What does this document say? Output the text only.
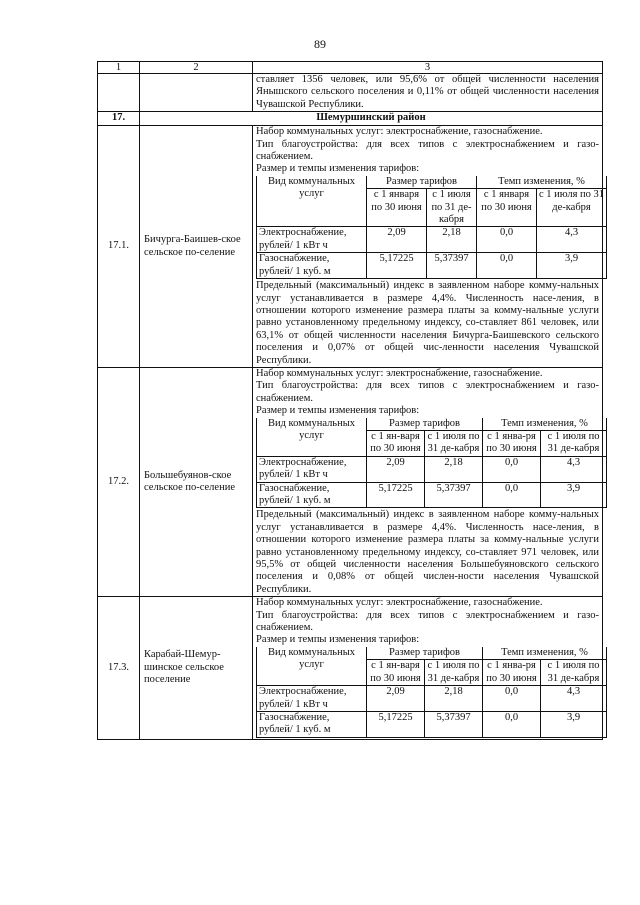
89
1	2	3
		ставляет 1356 человек, или 95,6% от общей численности населения Янышского сельского поселения и 0,11% от общей численности населения Чувашской Республики.
17.	Шемуршинский район
17.1.	Бичурга-Баишев-ское сельское по-селение	
Набор коммунальных услуг: электроснабжение, газоснабжение.
Тип благоустройства: для всех типов с электроснабжением и газо-снабжением.
Размер и темпы изменения тарифов:
Вид коммунальных услуг	Размер тарифов	Темп изменения, %
с 1 января по 30 июня	с 1 июля по 31 де-кабря	с 1 января по 30 июня	с 1 июля по 31 де-кабря
Электроснабжение, рублей/ 1 кВт ч	2,09	2,18	0,0	4,3
Газоснабжение, рублей/ 1 куб. м	5,17225	5,37397	0,0	3,9
Предельный (максимальный) индекс в заявленном наборе комму-нальных услуг устанавливается в размере 4,4%. Численность насе-ления, в отношении которого изменение размера платы за комму-нальные услуги равно установленному предельному индексу, со-ставляет 861 человек, или 63,1% от общей численности населения Бичурга-Баишевского сельского поселения и 0,07% от общей чис-ленности населения Чувашской Республики.

17.2.	Большебуянов-ское сельское по-селение	
Набор коммунальных услуг: электроснабжение, газоснабжение.
Тип благоустройства: для всех типов с электроснабжением и газо-снабжением.
Размер и темпы изменения тарифов:
Вид коммунальных услуг	Размер тарифов	Темп изменения, %
с 1 ян-варя по 30 июня	с 1 июля по 31 де-кабря	с 1 янва-ря по 30 июня	с 1 июля по 31 де-кабря
Электроснабжение, рублей/ 1 кВт ч	2,09	2,18	0,0	4,3
Газоснабжение, рублей/ 1 куб. м	5,17225	5,37397	0,0	3,9
Предельный (максимальный) индекс в заявленном наборе комму-нальных услуг устанавливается в размере 4,4%. Численность насе-ления, в отношении которого изменение размера платы за комму-нальные услуги равно установленному предельному индексу, со-ставляет 971 человек, или 95,5% от общей численности населения Большебуяновского сельского поселения и 0,08% от общей числен-ности населения Чувашской Республики.

17.3.	Карабай-Шемур-шинское сельское поселение	
Набор коммунальных услуг: электроснабжение, газоснабжение.
Тип благоустройства: для всех типов с электроснабжением и газо-снабжением.
Размер и темпы изменения тарифов:
Вид коммунальных услуг	Размер тарифов	Темп изменения, %
с 1 ян-варя по 30 июня	с 1 июля по 31 де-кабря	с 1 янва-ря по 30 июня	с 1 июля по 31 де-кабря
Электроснабжение, рублей/ 1 кВт ч	2,09	2,18	0,0	4,3
Газоснабжение, рублей/ 1 куб. м	5,17225	5,37397	0,0	3,9
